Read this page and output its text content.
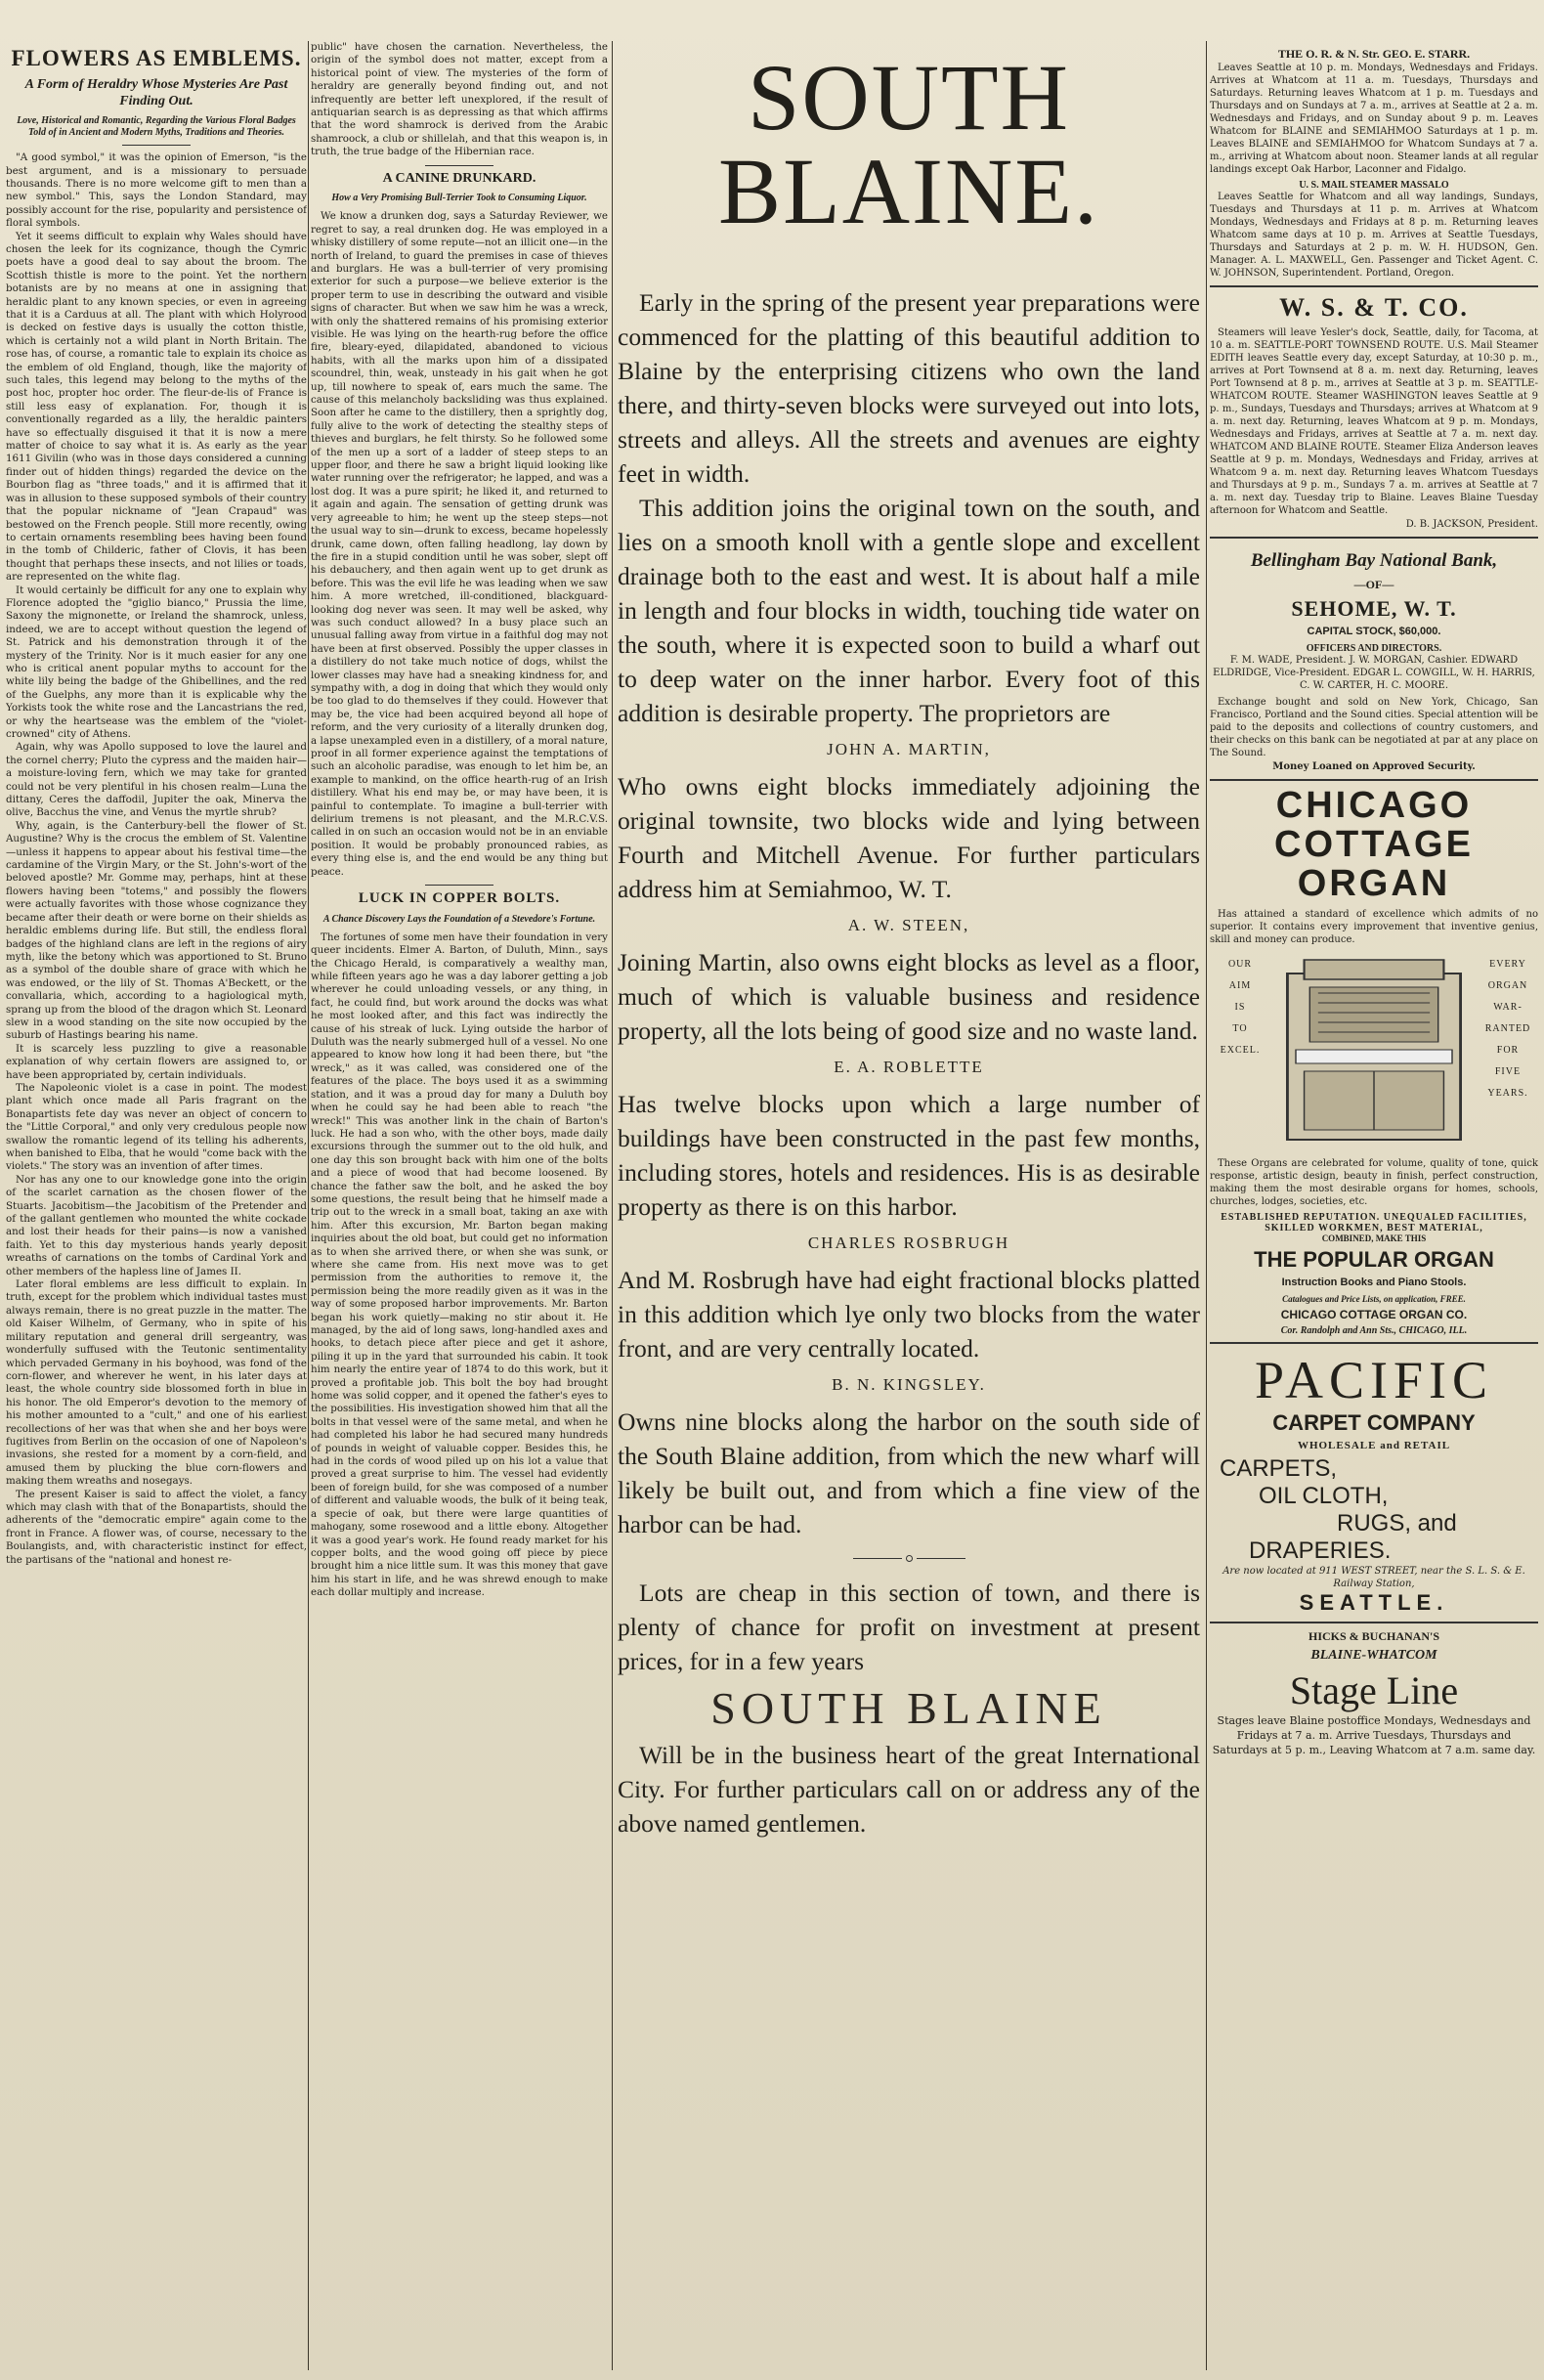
FLOWERS AS EMBLEMS.
A Form of Heraldry Whose Mysteries Are Past Finding Out.
Love, Historical and Romantic, Regarding the Various Floral Badges Told of in Ancient and Modern Myths, Traditions and Theories.

"A good symbol," it was the opinion of Emerson, "is the best argument, and is a missionary to persuade thousands. There is no more welcome gift to men than a new symbol." This, says the London Standard, may possibly account for the rise, popularity and persistence of floral symbols.

Yet it seems difficult to explain why Wales should have chosen the leek for its cognizance, though the Cymric poets have a good deal to say about the broom. The Scottish thistle is more to the point. Yet the northern botanists are by no means at one in assigning that heraldic plant to any known species, or even in agreeing that it is a Carduus at all. The plant with which Holyrood is decked on festive days is usually the cotton thistle, which is certainly not a wild plant in North Britain. The rose has, of course, a romantic tale to explain its choice as the emblem of old England, though, like the majority of such tales, this legend may belong to the myths of the post hoc, propter hoc order. The fleur-de-lis of France is still less easy of explanation. For, though it is conventionally regarded as a lily, the heraldic painters have so effectually disguised it that it is now a mere matter of choice to say what it is. As early as the year 1611 Givilin (who was in those days considered a cunning finder out of hidden things) regarded the device on the Bourbon flag as "three toads," and it is affirmed that it was in allusion to these supposed symbols of their country that the popular nickname of "Jean Crapaud" was bestowed on the French people. Still more recently, owing to certain ornaments resembling bees having been found in the tomb of Childeric, father of Clovis, it has been thought that perhaps these insects, and not lilies or toads, are represented on the white flag.

It would certainly be difficult for any one to explain why Florence adopted the "giglio bianco," Prussia the lime, Saxony the mignonette, or Ireland the shamrock, unless, indeed, we are to accept without question the legend of St. Patrick and his demonstration through it of the mystery of the Trinity. Nor is it much easier for any one who is critical anent popular myths to account for the white lily being the badge of the Ghibellines, and the red of the Guelphs, any more than it is explicable why the Yorkists took the white rose and the Lancastrians the red, or why the heartsease was the emblem of the "violet-crowned" city of Athens.

Again, why was Apollo supposed to love the laurel and the cornel cherry; Pluto the cypress and the maiden hair—a moisture-loving fern, which we may take for granted could not be very plentiful in his chosen realm—Luna the dittany, Ceres the daffodil, Jupiter the oak, Minerva the olive, Bacchus the vine, and Venus the myrtle shrub?

Why, again, is the Canterbury-bell the flower of St. Augustine? Why is the crocus the emblem of St. Valentine—unless it happens to appear about his festival time—the cardamine of the Virgin Mary, or the St. John's-wort of the beloved apostle? Mr. Gomme may, perhaps, hint at these flowers having been "totems," and possibly the flowers were actually favorites with those whose cognizance they became after their death or were borne on their shields as heraldic emblems during life. But still, the endless floral badges of the highland clans are left in the regions of airy myth, like the betony which was apportioned to St. Bruno as a symbol of the double share of grace with which he was endowed, or the lily of St. Thomas A'Beckett, or the convallaria, which, according to a hagiological myth, sprang up from the blood of the dragon which St. Leonard slew in a wood standing on the site now occupied by the suburb of Hastings bearing his name.

It is scarcely less puzzling to give a reasonable explanation of why certain flowers are assigned to, or have been appropriated by, certain individuals.

The Napoleonic violet is a case in point. The modest plant which once made all Paris fragrant on the Bonapartists fete day was never an object of concern to the "Little Corporal," and only very credulous people now swallow the romantic legend of its telling his adherents, when banished to Elba, that he would "come back with the violets." The story was an invention of after times.

Nor has any one to our knowledge gone into the origin of the scarlet carnation as the chosen flower of the Stuarts. Jacobitism—the Jacobitism of the Pretender and of the gallant gentlemen who mounted the white cockade and lost their heads for their pains—is now a vanished faith. Yet to this day mysterious hands yearly deposit wreaths of carnations on the tombs of Cardinal York and other members of the hapless line of James II.

Later floral emblems are less difficult to explain. In truth, except for the problem which individual tastes must always remain, there is no great puzzle in the matter. The old Kaiser Wilhelm, of Germany, who in spite of his military reputation and general drill sergeantry, was wonderfully suffused with the Teutonic sentimentality which pervaded Germany in his boyhood, was fond of the corn-flower, and wherever he went, in his later days at least, the whole country side blossomed forth in blue in his honor. The old Emperor's devotion to the memory of his mother amounted to a "cult," and one of his earliest recollections of her was that when she and her boys were fugitives from Berlin on the occasion of one of Napoleon's invasions, she rested for a moment by a corn-field, and amused them by plucking the blue corn-flowers and making them wreaths and nosegays.

The present Kaiser is said to affect the violet, a fancy which may clash with that of the Bonapartists, should the adherents of the "democratic empire" again come to the front in France. A flower was, of course, necessary to the Boulangists, and, with characteristic instinct for effect, the partisans of the "national and honest re-

public" have chosen the carnation. Nevertheless, the origin of the symbol does not matter, except from a historical point of view. The mysteries of the form of heraldry are generally beyond finding out, and not infrequently are better left unexplored, if the result of antiquarian search is as depressing as that which affirms that the word shamrock is derived from the Arabic shamroock, a club or shillelah, and that this weapon is, in truth, the true badge of the Hibernian race.

A CANINE DRUNKARD.
How a Very Promising Bull-Terrier Took to Consuming Liquor.

We know a drunken dog, says a Saturday Reviewer, we regret to say, a real drunken dog. He was employed in a whisky distillery of some repute—not an illicit one—in the north of Ireland, to guard the premises in case of thieves and burglars. He was a bull-terrier of very promising exterior for such a purpose—we believe exterior is the proper term to use in describing the outward and visible signs of character. But when we saw him he was a wreck, with only the shattered remains of his promising exterior visible. He was lying on the hearth-rug before the office fire, bleary-eyed, dilapidated, abandoned to vicious habits, with all the marks upon him of a dissipated scoundrel, thin, weak, unsteady in his gait when he got up, till nowhere to speak of, ears much the same. The cause of this melancholy backsliding was thus explained. Soon after he came to the distillery, then a sprightly dog, fully alive to the work of detecting the stealthy steps of thieves and burglars, he felt thirsty. So he followed some of the men up a sort of a ladder of steep steps to an upper floor, and there he saw a bright liquid looking like water running over the refrigerator; he lapped, and was a lost dog. It was a pure spirit; he liked it, and returned to it again and again. The sensation of getting drunk was very agreeable to him; he went up the steep steps—not the usual way to sin—drunk to excess, became hopelessly drunk, came down, often falling headlong, lay down by the fire in a stupid condition until he was sober, slept off his debauchery, and then again went up to get drunk as before. This was the evil life he was leading when we saw him. A more wretched, ill-conditioned, blackguard-looking dog never was seen. It may well be asked, why was such conduct allowed? In a busy place such an unusual falling away from virtue in a faithful dog may not have been at first observed. Possibly the upper classes in a distillery do not take much notice of dogs, whilst the lower classes may have had a sneaking kindness for, and sympathy with, a dog in doing that which they would only be too glad to do themselves if they could. However that may be, the vice had been acquired beyond all hope of reform, and the very curiosity of a literally drunken dog, a lapse unexampled even in a distillery, of a moral nature, proof in all former experience against the temptations of such an alcoholic paradise, was enough to let him be, an example to mankind, on the office hearth-rug of an Irish distillery. What his end may be, or may have been, it is painful to contemplate. To imagine a bull-terrier with delirium tremens is not pleasant, and the M.R.C.V.S. called in on such an occasion would not be in an enviable position. It would be probably pronounced rabies, as every thing else is, and the end would be any thing but peace.

LUCK IN COPPER BOLTS.
A Chance Discovery Lays the Foundation of a Stevedore's Fortune.

The fortunes of some men have their foundation in very queer incidents. Elmer A. Barton, of Duluth, Minn., says the Chicago Herald, is comparatively a wealthy man, while fifteen years ago he was a day laborer getting a job wherever he could unloading vessels, or any thing, in fact, he could find, but work around the docks was what he most looked after, and this fact was indirectly the cause of his streak of luck. Lying outside the harbor of Duluth was the nearly submerged hull of a vessel. No one appeared to know how long it had been there, but "the wreck," as it was called, was considered one of the features of the place. The boys used it as a swimming station, and it was a proud day for many a Duluth boy when he could say he had been able to reach "the wreck!" This was another link in the chain of Barton's luck. He had a son who, with the other boys, made daily excursions through the summer out to the old hulk, and one day this son brought back with him one of the bolts and a piece of wood that had become loosened. By chance the father saw the bolt, and he asked the boy some questions, the result being that he himself made a trip out to the wreck in a small boat, taking an axe with him. After this excursion, Mr. Barton began making inquiries about the old boat, but could get no information as to when she arrived there, or when she was sunk, or where she came from. His next move was to get permission from the authorities to remove it, the permission being the more readily given as it was in the way of some proposed harbor improvements. Mr. Barton began his work quietly—making no stir about it. He managed, by the aid of long saws, long-handled axes and hooks, to detach piece after piece and get it ashore, piling it up in the yard that surrounded his cabin. It took him nearly the entire year of 1874 to do this work, but it proved a profitable job. This bolt the boy had brought home was solid copper, and it opened the father's eyes to the possibilities. His investigation showed him that all the bolts in that vessel were of the same metal, and when he had completed his labor he had secured many hundreds of pounds in weight of valuable copper. Besides this, he had in the cords of wood piled up on his lot a value that proved a great surprise to him. The vessel had evidently been of foreign build, for she was composed of a number of different and valuable woods, the bulk of it being teak, a specie of oak, but there were large quantities of mahogany, some rosewood and a little ebony. Altogether it was a good year's work. He found ready market for his copper bolts, and the wood going off piece by piece brought him a nice little sum. It was this money that gave him his start in life, and he was shrewd enough to make each dollar multiply and increase.

SOUTH BLAINE.

Early in the spring of the present year preparations were commenced for the platting of this beautiful addition to Blaine by the enterprising citizens who own the land there, and thirty-seven blocks were surveyed out into lots, streets and alleys. All the streets and avenues are eighty feet in width.

This addition joins the original town on the south, and lies on a smooth knoll with a gentle slope and excellent drainage both to the east and west. It is about half a mile in length and four blocks in width, touching tide water on the south, where it is expected soon to build a wharf out to deep water on the inner harbor. Every foot of this addition is desirable property. The proprietors are

JOHN A. MARTIN,

Who owns eight blocks immediately adjoining the original townsite, two blocks wide and lying between Fourth and Mitchell Avenue. For further particulars address him at Semiahmoo, W. T.

A. W. STEEN,

Joining Martin, also owns eight blocks as level as a floor, much of which is valuable business and residence property, all the lots being of good size and no waste land.

E. A. ROBLETTE

Has twelve blocks upon which a large number of buildings have been constructed in the past few months, including stores, hotels and residences. His is as desirable property as there is on this harbor.

CHARLES ROSBRUGH

And M. Rosbrugh have had eight fractional blocks platted in this addition which lye only two blocks from the water front, and are very centrally located.

B. N. KINGSLEY.

Owns nine blocks along the harbor on the south side of the South Blaine addition, from which the new wharf will likely be built out, and from which a fine view of the harbor can be had.

Lots are cheap in this section of town, and there is plenty of chance for profit on investment at present prices, for in a few years

SOUTH BLAINE

Will be in the business heart of the great International City. For further particulars call on or address any of the above named gentlemen.

THE O. R. & N. Str. GEO. E. STARR.

Leaves Seattle at 10 p. m. Mondays, Wednesdays and Fridays. Arrives at Whatcom at 11 a. m. Tuesdays, Thursdays and Saturdays. Returning leaves Whatcom at 1 p. m. Tuesdays and Thursdays and on Sundays at 7 a. m., arrives at Seattle at 2 a. m. Wednesdays and Fridays, and on Sunday about 9 p. m. Leaves Whatcom for BLAINE and SEMIAHMOO Saturdays at 1 p. m. Leaves BLAINE and SEMIAHMOO for Whatcom Sundays at 7 a. m., arriving at Whatcom about noon. Steamer lands at all regular landings except Oak Harbor, Laconner and Fidalgo.

U. S. MAIL STEAMER MASSALO

Leaves Seattle for Whatcom and all way landings, Sundays, Tuesdays and Thursdays at 11 p. m. Arrives at Whatcom Mondays, Wednesdays and Fridays at 8 p. m. Returning leaves Whatcom same days at 10 p. m. Arrives at Seattle Tuesdays, Thursdays and Saturdays at 2 p. m. W. H. HUDSON, Gen. Manager. A. L. MAXWELL, Gen. Passenger and Ticket Agent. C. W. JOHNSON, Superintendent. Portland, Oregon.

W. S. & T. CO.

Steamers will leave Yesler's dock, Seattle, daily, for Tacoma, at 10 a. m. SEATTLE-PORT TOWNSEND ROUTE. U.S. Mail Steamer EDITH leaves Seattle every day, except Saturday, at 10:30 p. m., arrives at Port Townsend at 8 a. m. next day. Returning, leaves Port Townsend at 8 p. m., arrives at Seattle at 3 p. m. SEATTLE-WHATCOM ROUTE. Steamer WASHINGTON leaves Seattle at 9 p. m., Sundays, Tuesdays and Thursdays; arrives at Whatcom at 9 a. m. next day. Returning, leaves Whatcom at 9 p. m. Mondays, Wednesdays and Fridays, arrives at Seattle at 7 a. m. next day. WHATCOM AND BLAINE ROUTE. Steamer Eliza Anderson leaves Seattle at 9 p. m. Mondays, Wednesdays and Friday, arrives at Whatcom 9 a. m. next day. Returning leaves Whatcom Tuesdays and Thursdays at 9 p. m., Sundays 7 a. m. arrives at Seattle at 7 a. m. next day. Tuesday trip to Blaine. Leaves Blaine Tuesday afternoon for Whatcom and Seattle.

D. B. JACKSON, President.
Bellingham Bay National Bank,
—OF—
SEHOME, W. T.
CAPITAL STOCK, $60,000.
OFFICERS AND DIRECTORS.
F. M. WADE, President. J. W. MORGAN, Cashier. EDWARD ELDRIDGE, Vice-President. EDGAR L. COWGILL, W. H. HARRIS, C. W. CARTER, H. C. MOORE.

Exchange bought and sold on New York, Chicago, San Francisco, Portland and the Sound cities. Special attention will be paid to the deposits and collections of country customers, and their checks on this bank can be negotiated at par at any place on The Sound.

Money Loaned on Approved Security.
CHICAGO
COTTAGE
ORGAN

Has attained a standard of excellence which admits of no superior. It contains every improvement that inventive genius, skill and money can produce.

OUR
AIM
IS
TO
EXCEL.
EVERY
ORGAN
WAR-
RANTED
FOR
FIVE
YEARS.

These Organs are celebrated for volume, quality of tone, quick response, artistic design, beauty in finish, perfect construction, making them the most desirable organs for homes, schools, churches, lodges, societies, etc.

ESTABLISHED REPUTATION. UNEQUALED FACILITIES, SKILLED WORKMEN, BEST MATERIAL,
COMBINED, MAKE THIS
THE POPULAR ORGAN
Instruction Books and Piano Stools.
Catalogues and Price Lists, on application, FREE.
CHICAGO COTTAGE ORGAN CO.
Cor. Randolph and Ann Sts., CHICAGO, ILL.
PACIFIC
CARPET COMPANY
WHOLESALE and RETAIL
CARPETS,
OIL CLOTH,
RUGS, and
DRAPERIES.
Are now located at 911 WEST STREET, near the S. L. S. & E. Railway Station,
SEATTLE.
HICKS & BUCHANAN'S
BLAINE-WHATCOM
Stage Line
Stages leave Blaine postoffice Mondays, Wednesdays and Fridays at 7 a. m. Arrive Tuesdays, Thursdays and Saturdays at 5 p. m., Leaving Whatcom at 7 a.m. same day.
